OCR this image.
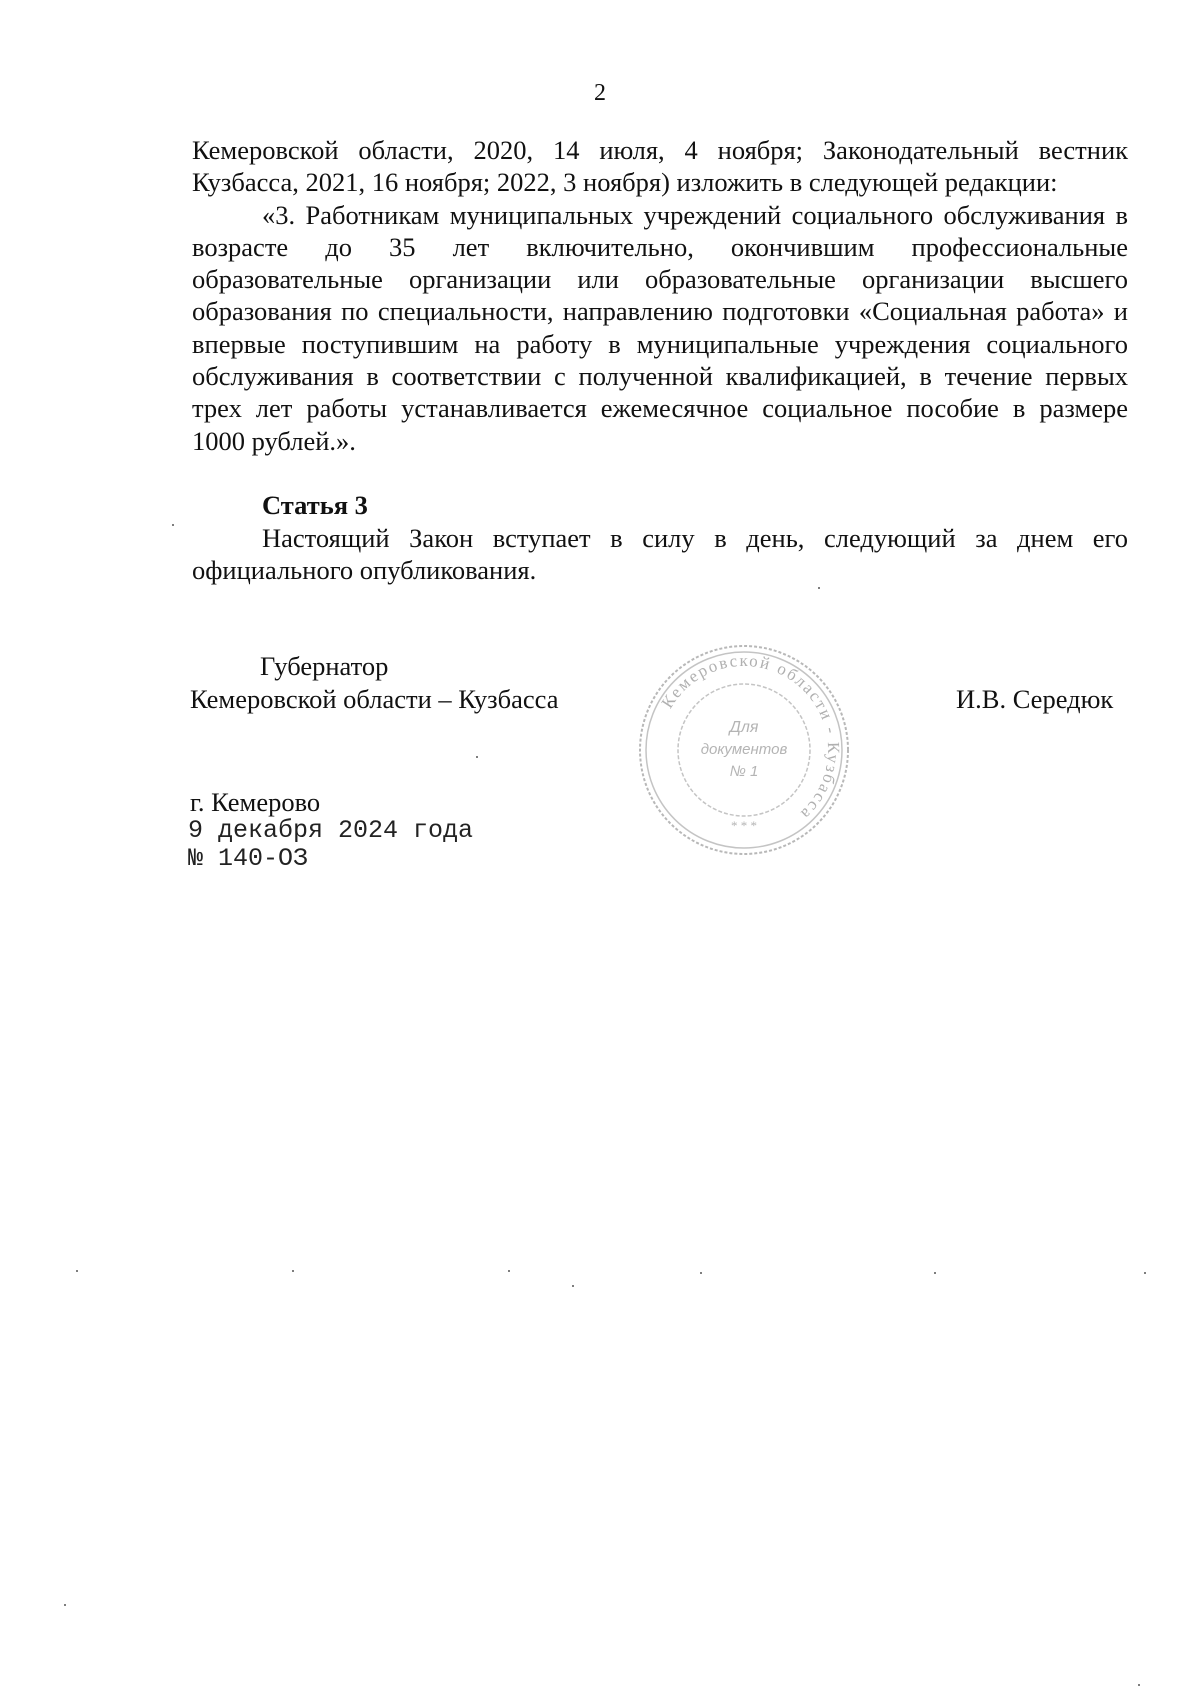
2

Кемеровской области, 2020, 14 июля, 4 ноября; Законодательный вестник Кузбасса, 2021, 16 ноября; 2022, 3 ноября) изложить в следующей редакции:

«3. Работникам муниципальных учреждений социального обслуживания в возрасте до 35 лет включительно, окончившим профессиональные образовательные организации или образовательные организации высшего образования по специальности, направлению подготовки «Социальная работа» и впервые поступившим на работу в муниципальные учреждения социального обслуживания в соответствии с полученной квалификацией, в течение первых трех лет работы устанавливается ежемесячное социальное пособие в размере 1000 рублей.».

Статья 3

Настоящий Закон вступает в силу в день, следующий за днем его официального опубликования.

Губернатор
Кемеровской области – Кузбасса	Кемеровской области - Кузбасса
Для
документов
№ 1
* * *
И.В. Середюк
г. Кемерово
9 декабря 2024 года
№ 140-ОЗ
